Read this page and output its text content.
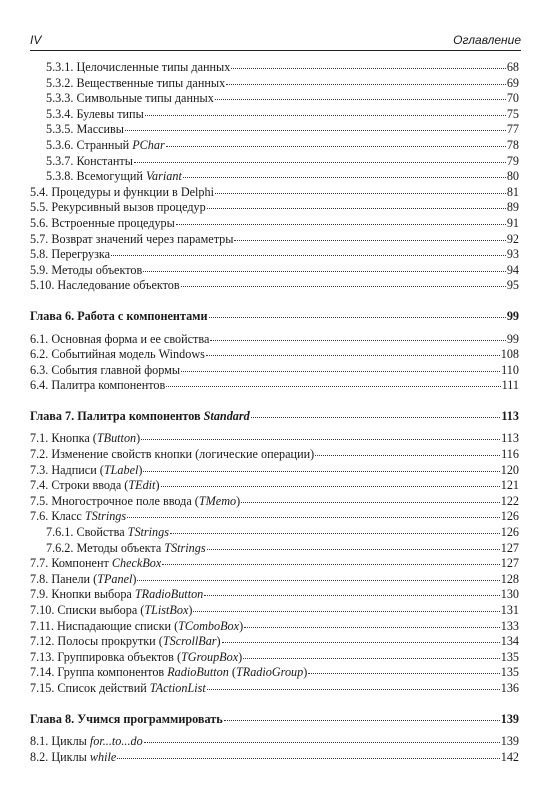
IV	Оглавление
5.3.1. Целочисленные типы данных	68
5.3.2. Вещественные типы данных	69
5.3.3. Символьные типы данных	70
5.3.4. Булевы типы	75
5.3.5. Массивы	77
5.3.6. Странный PChar	78
5.3.7. Константы	79
5.3.8. Всемогущий Variant	80
5.4. Процедуры и функции в Delphi	81
5.5. Рекурсивный вызов процедур	89
5.6. Встроенные процедуры	91
5.7. Возврат значений через параметры	92
5.8. Перегрузка	93
5.9. Методы объектов	94
5.10. Наследование объектов	95
Глава 6. Работа с компонентами	99
6.1. Основная форма и ее свойства	99
6.2. Событийная модель Windows	108
6.3. События главной формы	110
6.4. Палитра компонентов	111
Глава 7. Палитра компонентов Standard	113
7.1. Кнопка (TButton)	113
7.2. Изменение свойств кнопки (логические операции)	116
7.3. Надписи (TLabel)	120
7.4. Строки ввода (TEdit)	121
7.5. Многострочное поле ввода (TMemo)	122
7.6. Класс TStrings	126
7.6.1. Свойства TStrings	126
7.6.2. Методы объекта TStrings	127
7.7. Компонент CheckBox	127
7.8. Панели (TPanel)	128
7.9. Кнопки выбора TRadioButton	130
7.10. Списки выбора (TListBox)	131
7.11. Ниспадающие списки (TComboBox)	133
7.12. Полосы прокрутки (TScrollBar)	134
7.13. Группировка объектов (TGroupBox)	135
7.14. Группа компонентов RadioButton (TRadioGroup)	135
7.15. Список действий TActionList	136
Глава 8. Учимся программировать	139
8.1. Циклы for...to...do	139
8.2. Циклы while	142
